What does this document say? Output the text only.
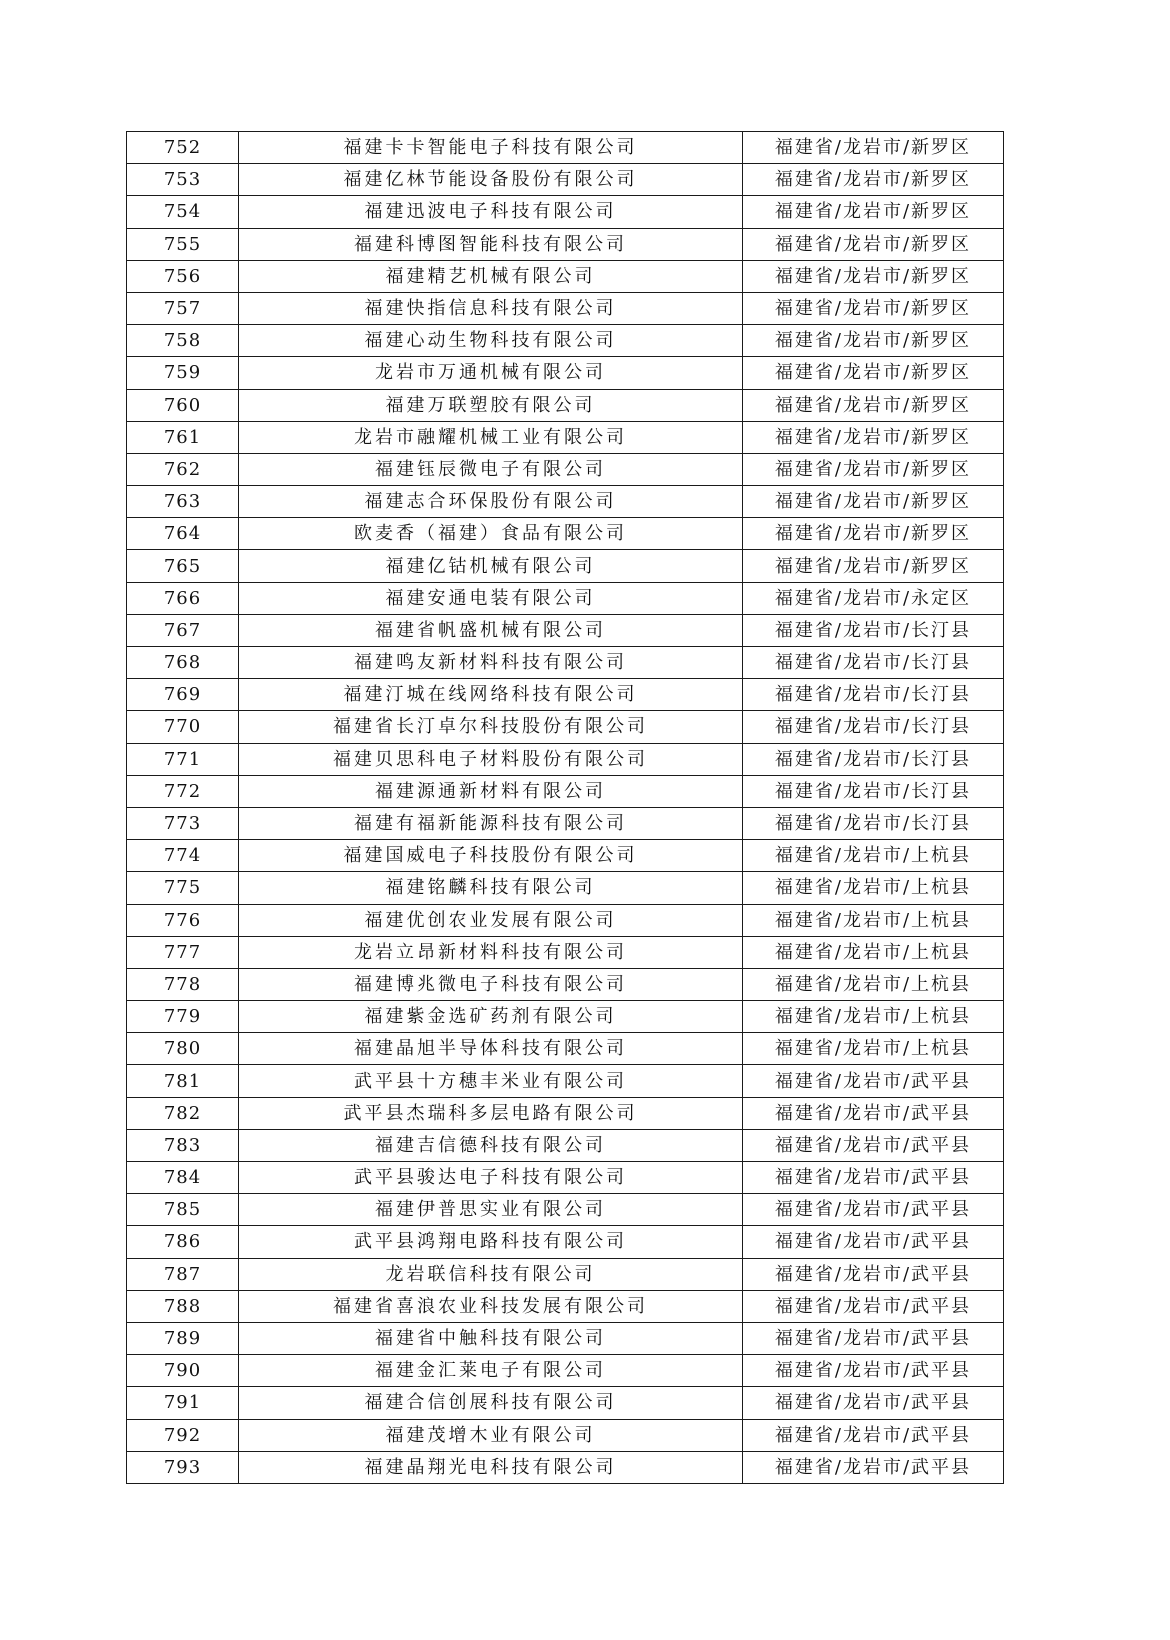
752	福建卡卡智能电子科技有限公司	福建省/龙岩市/新罗区
753	福建亿林节能设备股份有限公司	福建省/龙岩市/新罗区
754	福建迅波电子科技有限公司	福建省/龙岩市/新罗区
755	福建科博图智能科技有限公司	福建省/龙岩市/新罗区
756	福建精艺机械有限公司	福建省/龙岩市/新罗区
757	福建快指信息科技有限公司	福建省/龙岩市/新罗区
758	福建心动生物科技有限公司	福建省/龙岩市/新罗区
759	龙岩市万通机械有限公司	福建省/龙岩市/新罗区
760	福建万联塑胶有限公司	福建省/龙岩市/新罗区
761	龙岩市融耀机械工业有限公司	福建省/龙岩市/新罗区
762	福建钰辰微电子有限公司	福建省/龙岩市/新罗区
763	福建志合环保股份有限公司	福建省/龙岩市/新罗区
764	欧麦香（福建）食品有限公司	福建省/龙岩市/新罗区
765	福建亿钴机械有限公司	福建省/龙岩市/新罗区
766	福建安通电装有限公司	福建省/龙岩市/永定区
767	福建省帆盛机械有限公司	福建省/龙岩市/长汀县
768	福建鸣友新材料科技有限公司	福建省/龙岩市/长汀县
769	福建汀城在线网络科技有限公司	福建省/龙岩市/长汀县
770	福建省长汀卓尔科技股份有限公司	福建省/龙岩市/长汀县
771	福建贝思科电子材料股份有限公司	福建省/龙岩市/长汀县
772	福建源通新材料有限公司	福建省/龙岩市/长汀县
773	福建有福新能源科技有限公司	福建省/龙岩市/长汀县
774	福建国威电子科技股份有限公司	福建省/龙岩市/上杭县
775	福建铭麟科技有限公司	福建省/龙岩市/上杭县
776	福建优创农业发展有限公司	福建省/龙岩市/上杭县
777	龙岩立昂新材料科技有限公司	福建省/龙岩市/上杭县
778	福建博兆微电子科技有限公司	福建省/龙岩市/上杭县
779	福建紫金选矿药剂有限公司	福建省/龙岩市/上杭县
780	福建晶旭半导体科技有限公司	福建省/龙岩市/上杭县
781	武平县十方穗丰米业有限公司	福建省/龙岩市/武平县
782	武平县杰瑞科多层电路有限公司	福建省/龙岩市/武平县
783	福建吉信德科技有限公司	福建省/龙岩市/武平县
784	武平县骏达电子科技有限公司	福建省/龙岩市/武平县
785	福建伊普思实业有限公司	福建省/龙岩市/武平县
786	武平县鸿翔电路科技有限公司	福建省/龙岩市/武平县
787	龙岩联信科技有限公司	福建省/龙岩市/武平县
788	福建省喜浪农业科技发展有限公司	福建省/龙岩市/武平县
789	福建省中触科技有限公司	福建省/龙岩市/武平县
790	福建金汇莱电子有限公司	福建省/龙岩市/武平县
791	福建合信创展科技有限公司	福建省/龙岩市/武平县
792	福建茂增木业有限公司	福建省/龙岩市/武平县
793	福建晶翔光电科技有限公司	福建省/龙岩市/武平县
